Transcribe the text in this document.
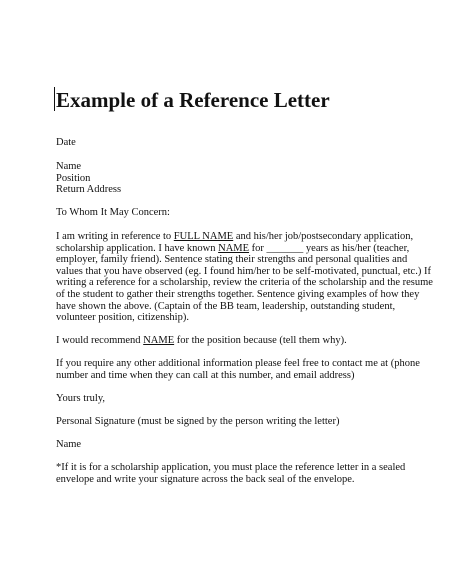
Example of a Reference Letter
Date
Name
Position
Return Address
To Whom It May Concern:
I am writing in reference to FULL NAME and his/her job/postsecondary application,
scholarship application. I have known NAME for _______ years as his/her (teacher,
employer, family friend). Sentence stating their strengths and personal qualities and
values that you have observed (eg. I found him/her to be self-motivated, punctual, etc.) If
writing a reference for a scholarship, review the criteria of the scholarship and the resume
of the student to gather their strengths together. Sentence giving examples of how they
have shown the above. (Captain of the BB team, leadership, outstanding student,
volunteer position, citizenship).
I would recommend NAME for the position because (tell them why).
If you require any other additional information please feel free to contact me at (phone
number and time when they can call at this number, and email address)
Yours truly,
Personal Signature (must be signed by the person writing the letter)
Name
*If it is for a scholarship application, you must place the reference letter in a sealed
envelope and write your signature across the back seal of the envelope.
